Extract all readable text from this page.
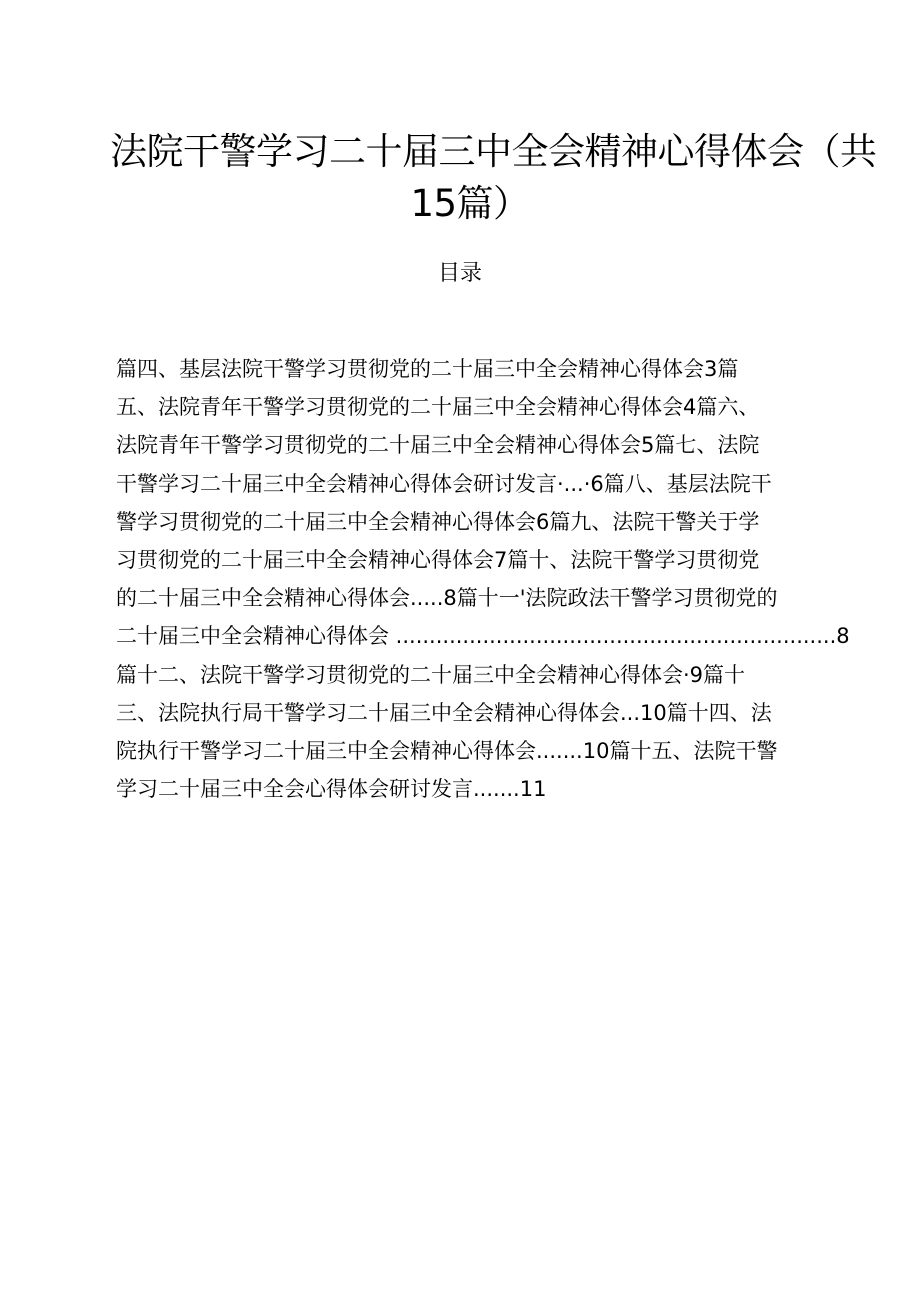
法院干警学习二十届三中全会精神心得体会（共
15篇）
目录
篇四、基层法院干警学习贯彻党的二十届三中全会精神心得体会3篇
五、法院青年干警学习贯彻党的二十届三中全会精神心得体会4篇六、
法院青年干警学习贯彻党的二十届三中全会精神心得体会5篇七、法院
干警学习二十届三中全会精神心得体会研讨发言·...·6篇八、基层法院干
警学习贯彻党的二十届三中全会精神心得体会6篇九、法院干警关于学
习贯彻党的二十届三中全会精神心得体会7篇十、法院干警学习贯彻党
的二十届三中全会精神心得体会.....8篇十一'法院政法干警学习贯彻党的
二十届三中全会精神心得体会 ..................................................................8
篇十二、法院干警学习贯彻党的二十届三中全会精神心得体会·9篇十
三、法院执行局干警学习二十届三中全会精神心得体会...10篇十四、法
院执行干警学习二十届三中全会精神心得体会.......10篇十五、法院干警
学习二十届三中全会心得体会研讨发言.......11
